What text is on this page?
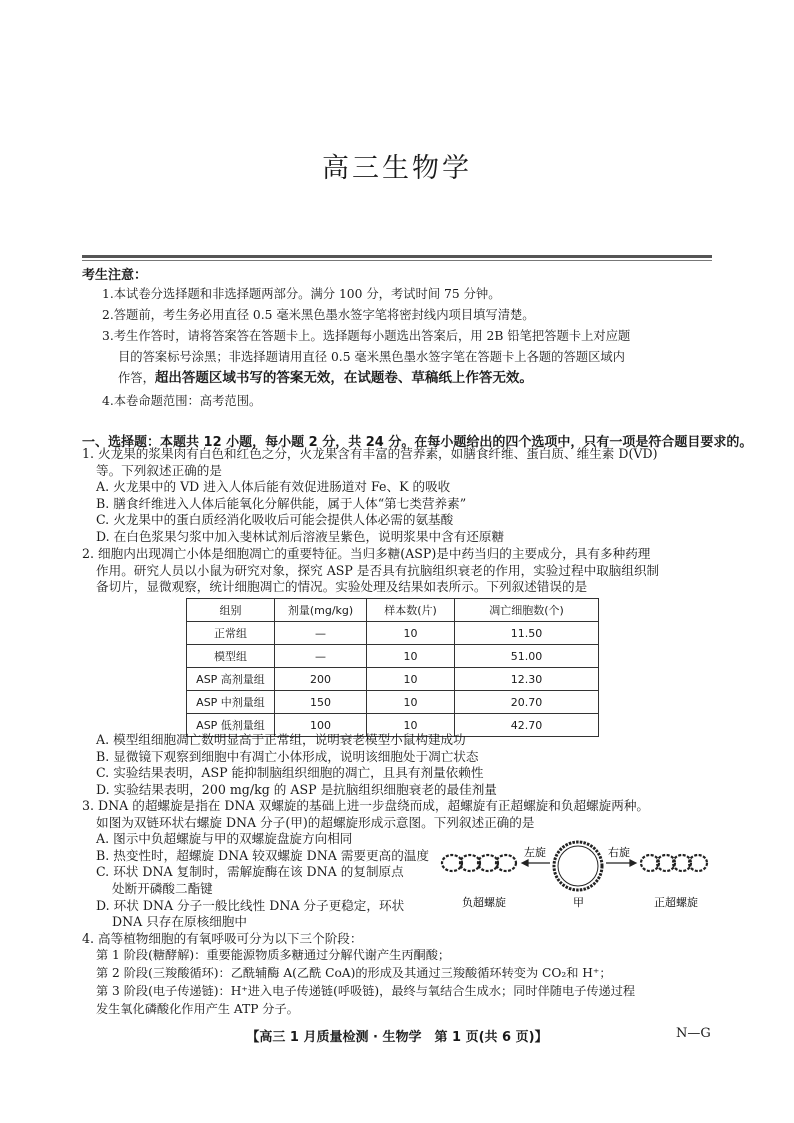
高三生物学
考生注意：
1.本试卷分选择题和非选择题两部分。满分 100 分，考试时间 75 分钟。
2.答题前，考生务必用直径 0.5 毫米黑色墨水签字笔将密封线内项目填写清楚。
3.考生作答时，请将答案答在答题卡上。选择题每小题选出答案后，用 2B 铅笔把答题卡上对应题
目的答案标号涂黑；非选择题请用直径 0.5 毫米黑色墨水签字笔在答题卡上各题的答题区域内
作答，超出答题区域书写的答案无效，在试题卷、草稿纸上作答无效。
4.本卷命题范围：高考范围。
一、选择题：本题共 12 小题，每小题 2 分，共 24 分。在每小题给出的四个选项中，只有一项是符合题目要求的。
1. 火龙果的浆果肉有白色和红色之分，火龙果含有丰富的营养素，如膳食纤维、蛋白质、维生素 D(VD)
等。下列叙述正确的是
A. 火龙果中的 VD 进入人体后能有效促进肠道对 Fe、K 的吸收
B. 膳食纤维进入人体后能氧化分解供能，属于人体“第七类营养素”
C. 火龙果中的蛋白质经消化吸收后可能会提供人体必需的氨基酸
D. 在白色浆果匀浆中加入斐林试剂后溶液呈紫色，说明浆果中含有还原糖
2. 细胞内出现凋亡小体是细胞凋亡的重要特征。当归多糖(ASP)是中药当归的主要成分，具有多种药理
作用。研究人员以小鼠为研究对象，探究 ASP 是否具有抗脑组织衰老的作用，实验过程中取脑组织制
备切片，显微观察，统计细胞凋亡的情况。实验处理及结果如表所示。下列叙述错误的是
组别	剂量(mg/kg)	样本数(片)	凋亡细胞数(个)
正常组	—	10	11.50
模型组	—	10	51.00
ASP 高剂量组	200	10	12.30
ASP 中剂量组	150	10	20.70
ASP 低剂量组	100	10	42.70
A. 模型组细胞凋亡数明显高于正常组，说明衰老模型小鼠构建成功
B. 显微镜下观察到细胞中有凋亡小体形成，说明该细胞处于凋亡状态
C. 实验结果表明，ASP 能抑制脑组织细胞的凋亡，且具有剂量依赖性
D. 实验结果表明，200 mg/kg 的 ASP 是抗脑组织细胞衰老的最佳剂量
3. DNA 的超螺旋是指在 DNA 双螺旋的基础上进一步盘绕而成，超螺旋有正超螺旋和负超螺旋两种。
如图为双链环状右螺旋 DNA 分子(甲)的超螺旋形成示意图。下列叙述正确的是
A. 图示中负超螺旋与甲的双螺旋盘旋方向相同
B. 热变性时，超螺旋 DNA 较双螺旋 DNA 需要更高的温度
C. 环状 DNA 复制时，需解旋酶在该 DNA 的复制原点
处断开磷酸二酯键
D. 环状 DNA 分子一般比线性 DNA 分子更稳定，环状
DNA 只存在原核细胞中
左旋	右旋
负超螺旋	甲	正超螺旋
4. 高等植物细胞的有氧呼吸可分为以下三个阶段：
第 1 阶段(糖酵解)：重要能源物质多糖通过分解代谢产生丙酮酸；
第 2 阶段(三羧酸循环)：乙酰辅酶 A(乙酰 CoA)的形成及其通过三羧酸循环转变为 CO₂和 H⁺；
第 3 阶段(电子传递链)：H⁺进入电子传递链(呼吸链)，最终与氧结合生成水；同时伴随电子传递过程
发生氧化磷酸化作用产生 ATP 分子。
【高三 1 月质量检测 · 生物学　第 1 页(共 6 页)】	N—G
